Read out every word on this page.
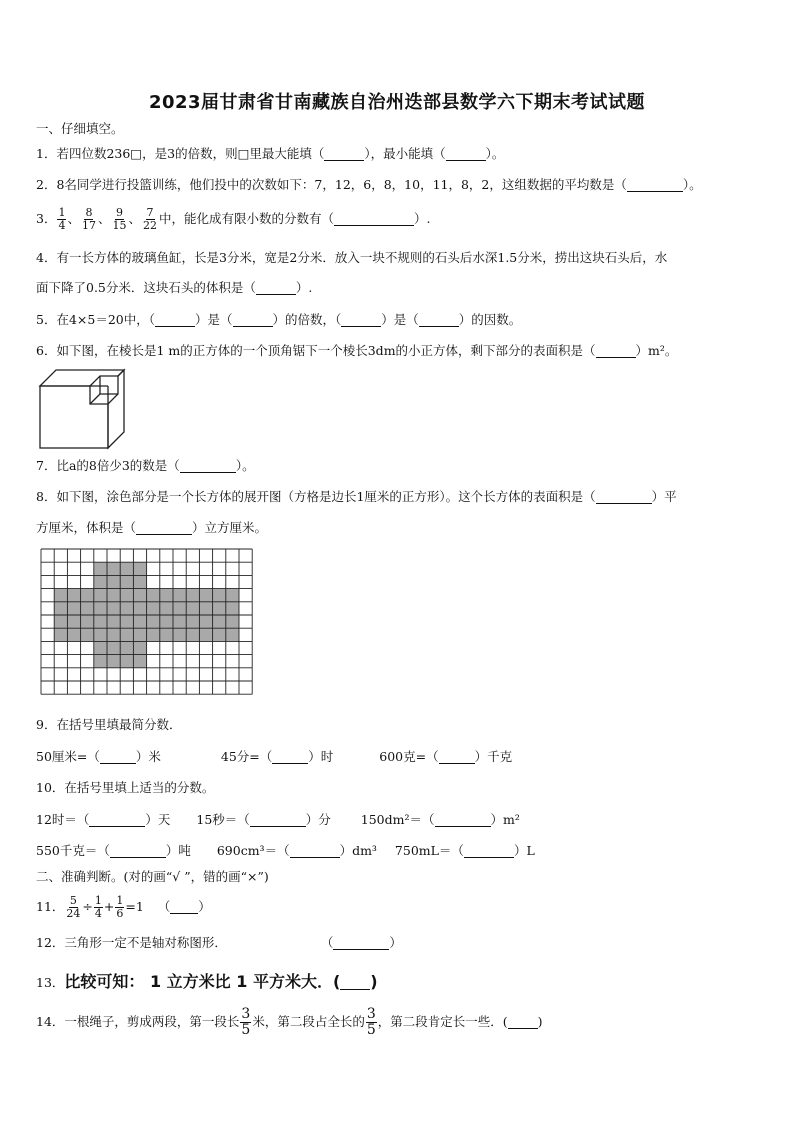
2023届甘肃省甘南藏族自治州迭部县数学六下期末考试试题
一、仔细填空。
1．若四位数236□，是3的倍数，则□里最大能填（	），最小能填（	）。
2．8名同学进行投篮训练，他们投中的次数如下：7，12，6，8，10，11，8，2，这组数据的平均数是（	）。
3． $\frac{1}{4}$ 、 $\frac{8}{17}$ 、 $\frac{9}{15}$ 、 $\frac{7}{22}$ 中，能化成有限小数的分数有（	）.
4．有一长方体的玻璃鱼缸，长是3分米，宽是2分米．放入一块不规则的石头后水深1.5分米，捞出这块石头后，水
面下降了0.5分米．这块石头的体积是（	）.
5．在4×5＝20中，（	）是（	）的倍数，（	）是（	）的因数。
6．如下图，在棱长是1 m的正方体的一个顶角锯下一个棱长3dm的小正方体，剩下部分的表面积是（	）m²。
7．比a的8倍少3的数是（	）。
8．如下图，涂色部分是一个长方体的展开图（方格是边长1厘米的正方形）。这个长方体的表面积是（	）平
方厘米，体积是（	）立方厘米。
9．在括号里填最简分数．
50厘米=（	）米	45分=（	）时	600克=（	）千克
10．在括号里填上适当的分数。
12时＝（	）天 15秒＝（	）分 150dm²＝（	）m²
550千克＝（	）吨 690cm³＝（	）dm³ 750mL＝（	）L
二、准确判断。(对的画“√ ”，错的画“×”)
11． $\frac{5}{24} \div \frac{1}{4} + \frac{1}{6} =1$ （ ）
12．三角形一定不是轴对称图形．	（	）
13．比较可知： 1 立方米比 1 平方米大．( )
14．一根绳子，剪成两段，第一段长 $\frac{3}{5}$ 米，第二段占全长的 $\frac{3}{5}$ ，第二段肯定长一些．( )
